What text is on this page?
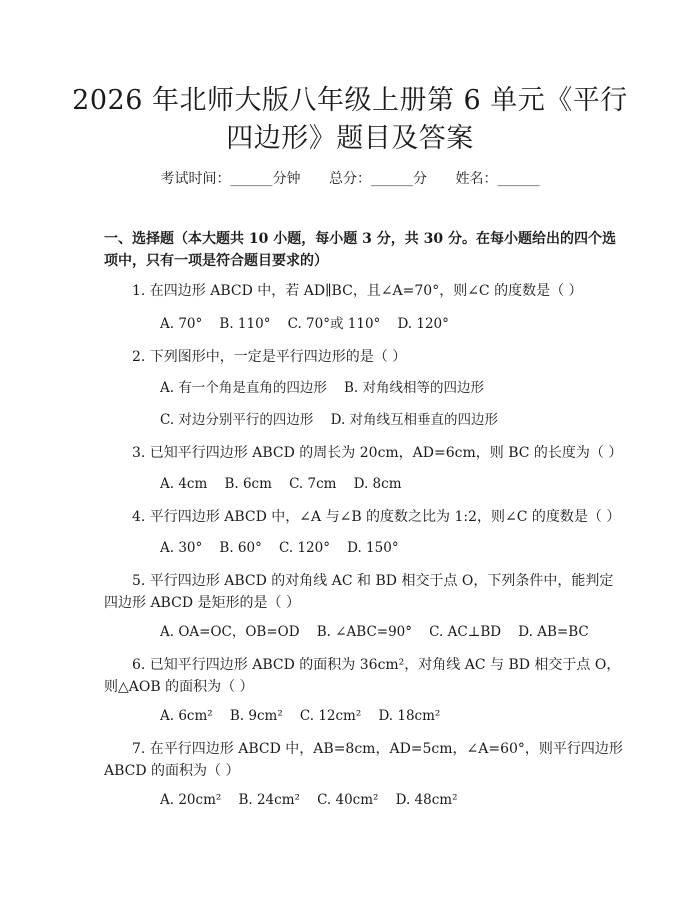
2026 年北师大版八年级上册第 6 单元《平行
四边形》题目及答案
考试时间：______分钟 总分：______分 姓名：______
一、选择题（本大题共 10 小题，每小题 3 分，共 30 分。在每小题给出的四个选项中，只有一项是符合题目要求的）
1. 在四边形 ABCD 中，若 AD∥BC，且∠A=70°，则∠C 的度数是（ ）
A. 70°    B. 110°    C. 70°或 110°    D. 120°
2. 下列图形中，一定是平行四边形的是（ ）
A. 有一个角是直角的四边形    B. 对角线相等的四边形
C. 对边分别平行的四边形    D. 对角线互相垂直的四边形
3. 已知平行四边形 ABCD 的周长为 20cm，AD=6cm，则 BC 的长度为（ ）
A. 4cm    B. 6cm    C. 7cm    D. 8cm
4. 平行四边形 ABCD 中，∠A 与∠B 的度数之比为 1:2，则∠C 的度数是（ ）
A. 30°    B. 60°    C. 120°    D. 150°
5. 平行四边形 ABCD 的对角线 AC 和 BD 相交于点 O，下列条件中，能判定四边形 ABCD 是矩形的是（ ）
A. OA=OC，OB=OD    B. ∠ABC=90°    C. AC⊥BD    D. AB=BC
6. 已知平行四边形 ABCD 的面积为 36cm²，对角线 AC 与 BD 相交于点 O，则△AOB 的面积为（ ）
A. 6cm²    B. 9cm²    C. 12cm²    D. 18cm²
7. 在平行四边形 ABCD 中，AB=8cm，AD=5cm，∠A=60°，则平行四边形 ABCD 的面积为（ ）
A. 20cm²    B. 24cm²    C. 40cm²    D. 48cm²
